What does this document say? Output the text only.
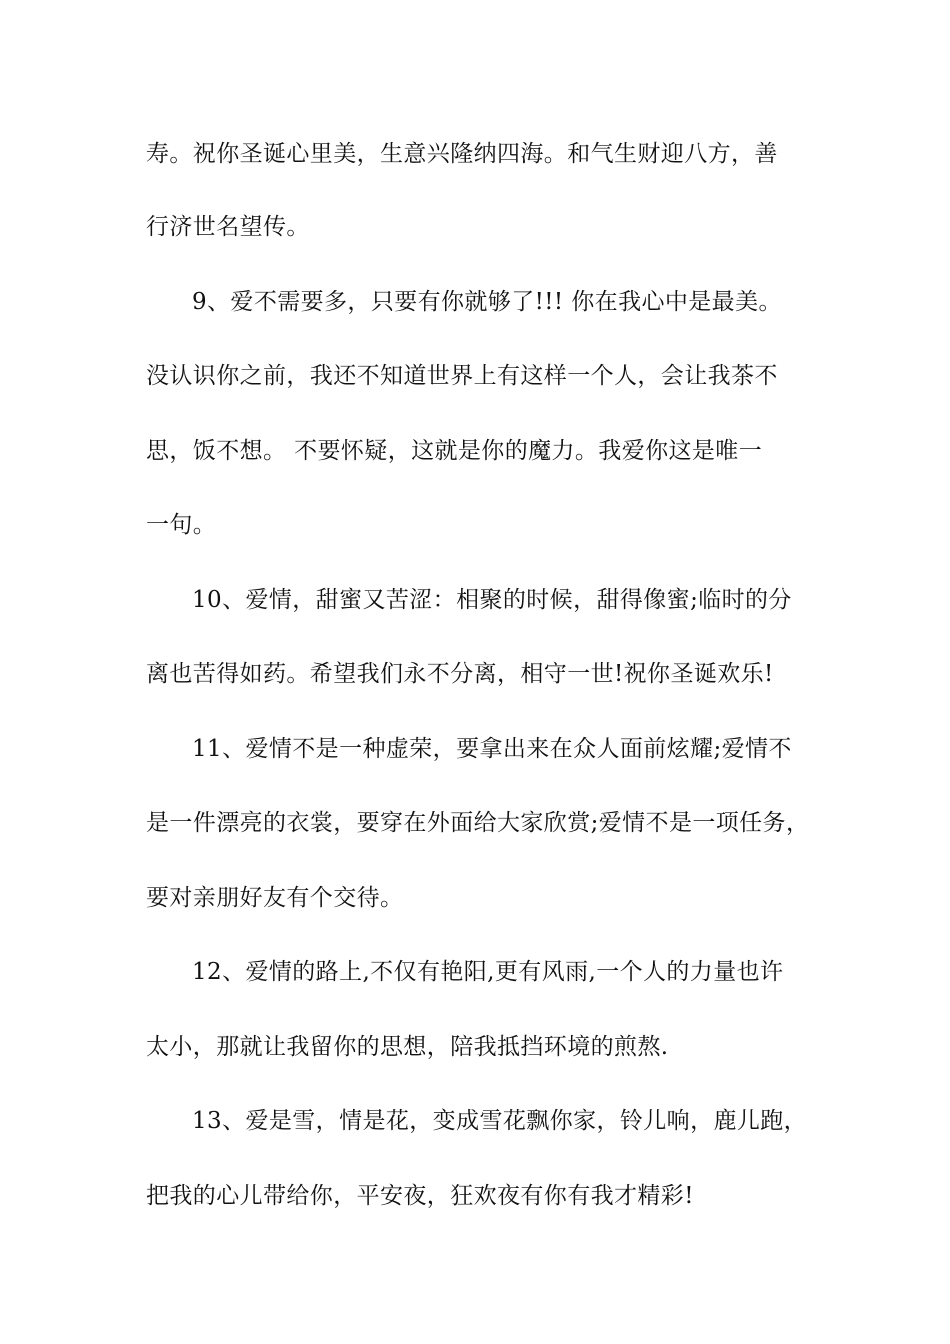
寿。祝你圣诞心里美，生意兴隆纳四海。和气生财迎八方，善
行济世名望传。
9、爱不需要多，只要有你就够了!!! 你在我心中是最美。
没认识你之前，我还不知道世界上有这样一个人，会让我茶不
思，饭不想。 不要怀疑，这就是你的魔力。我爱你这是唯一
一句。
10、爱情，甜蜜又苦涩：相聚的时候，甜得像蜜;临时的分
离也苦得如药。希望我们永不分离，相守一世!祝你圣诞欢乐!
11、爱情不是一种虚荣，要拿出来在众人面前炫耀;爱情不
是一件漂亮的衣裳，要穿在外面给大家欣赏;爱情不是一项任务，
要对亲朋好友有个交待。
12、爱情的路上,不仅有艳阳,更有风雨,一个人的力量也许
太小，那就让我留你的思想，陪我抵挡环境的煎熬.
13、爱是雪，情是花，变成雪花飘你家，铃儿响，鹿儿跑，
把我的心儿带给你，平安夜，狂欢夜有你有我才精彩!
